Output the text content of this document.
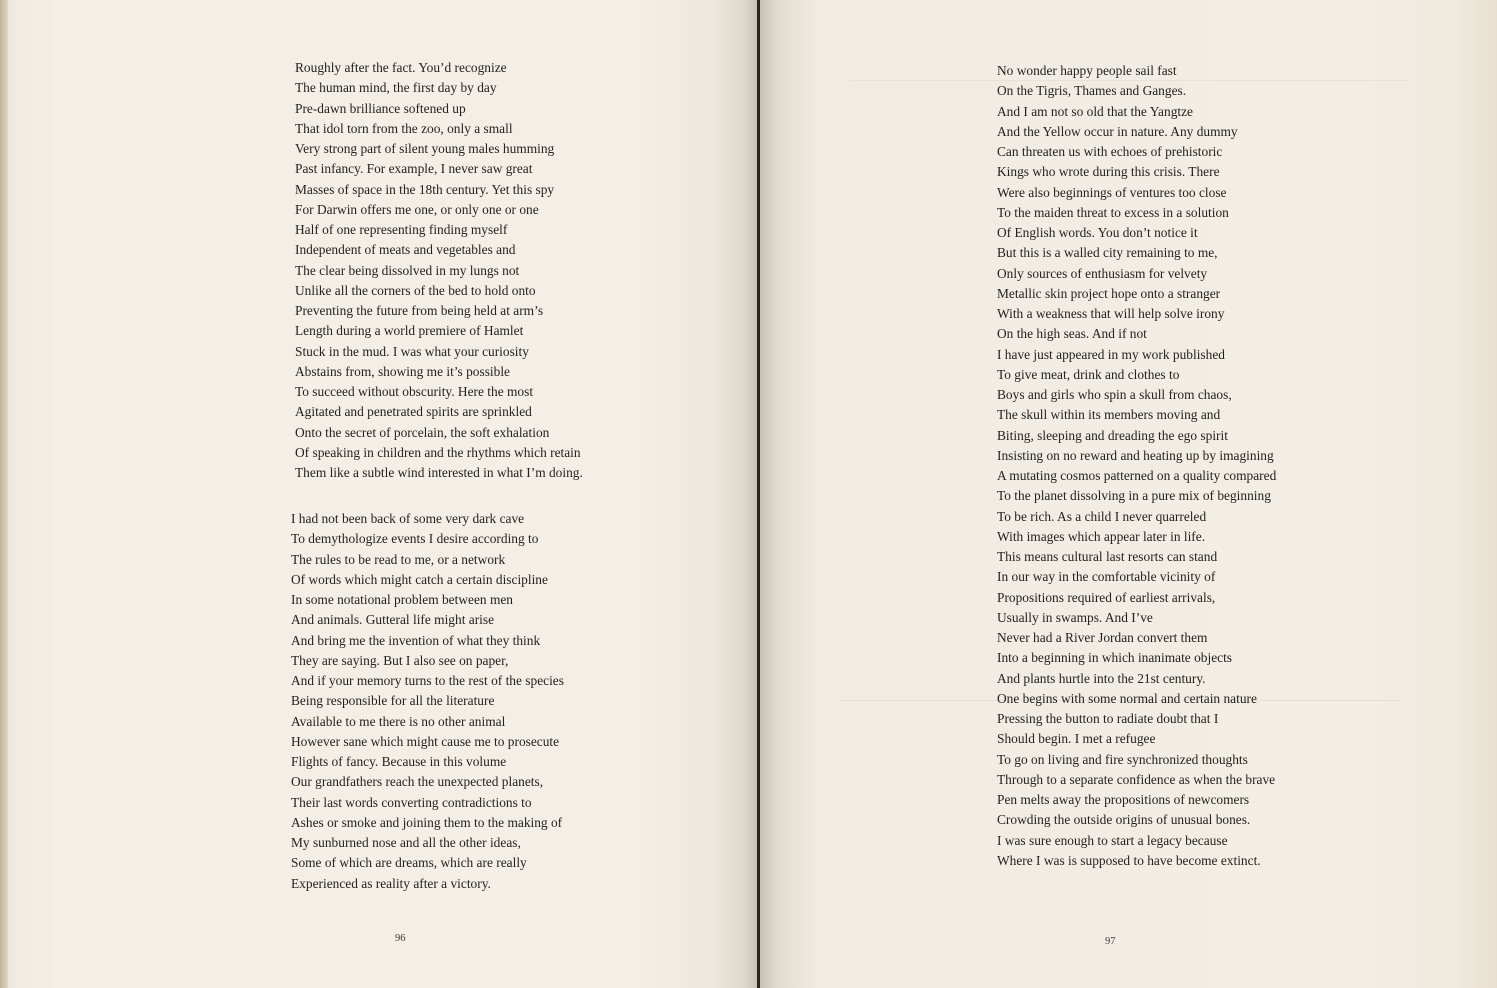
Roughly after the fact. You’d recognize
The human mind, the first day by day
Pre-dawn brilliance softened up
That idol torn from the zoo, only a small
Very strong part of silent young males humming
Past infancy. For example, I never saw great
Masses of space in the 18th century. Yet this spy
For Darwin offers me one, or only one or one
Half of one representing finding myself
Independent of meats and vegetables and
The clear being dissolved in my lungs not
Unlike all the corners of the bed to hold onto
Preventing the future from being held at arm’s
Length during a world premiere of Hamlet
Stuck in the mud. I was what your curiosity
Abstains from, showing me it’s possible
To succeed without obscurity. Here the most
Agitated and penetrated spirits are sprinkled
Onto the secret of porcelain, the soft exhalation
Of speaking in children and the rhythms which retain
Them like a subtle wind interested in what I’m doing.
I had not been back of some very dark cave
To demythologize events I desire according to
The rules to be read to me, or a network
Of words which might catch a certain discipline
In some notational problem between men
And animals. Gutteral life might arise
And bring me the invention of what they think
They are saying. But I also see on paper,
And if your memory turns to the rest of the species
Being responsible for all the literature
Available to me there is no other animal
However sane which might cause me to prosecute
Flights of fancy. Because in this volume
Our grandfathers reach the unexpected planets,
Their last words converting contradictions to
Ashes or smoke and joining them to the making of
My sunburned nose and all the other ideas,
Some of which are dreams, which are really
Experienced as reality after a victory.
96
No wonder happy people sail fast
On the Tigris, Thames and Ganges.
And I am not so old that the Yangtze
And the Yellow occur in nature. Any dummy
Can threaten us with echoes of prehistoric
Kings who wrote during this crisis. There
Were also beginnings of ventures too close
To the maiden threat to excess in a solution
Of English words. You don’t notice it
But this is a walled city remaining to me,
Only sources of enthusiasm for velvety
Metallic skin project hope onto a stranger
With a weakness that will help solve irony
On the high seas. And if not
I have just appeared in my work published
To give meat, drink and clothes to
Boys and girls who spin a skull from chaos,
The skull within its members moving and
Biting, sleeping and dreading the ego spirit
Insisting on no reward and heating up by imagining
A mutating cosmos patterned on a quality compared
To the planet dissolving in a pure mix of beginning
To be rich. As a child I never quarreled
With images which appear later in life.
This means cultural last resorts can stand
In our way in the comfortable vicinity of
Propositions required of earliest arrivals,
Usually in swamps. And I’ve
Never had a River Jordan convert them
Into a beginning in which inanimate objects
And plants hurtle into the 21st century.
One begins with some normal and certain nature
Pressing the button to radiate doubt that I
Should begin. I met a refugee
To go on living and fire synchronized thoughts
Through to a separate confidence as when the brave
Pen melts away the propositions of newcomers
Crowding the outside origins of unusual bones.
I was sure enough to start a legacy because
Where I was is supposed to have become extinct.
97
